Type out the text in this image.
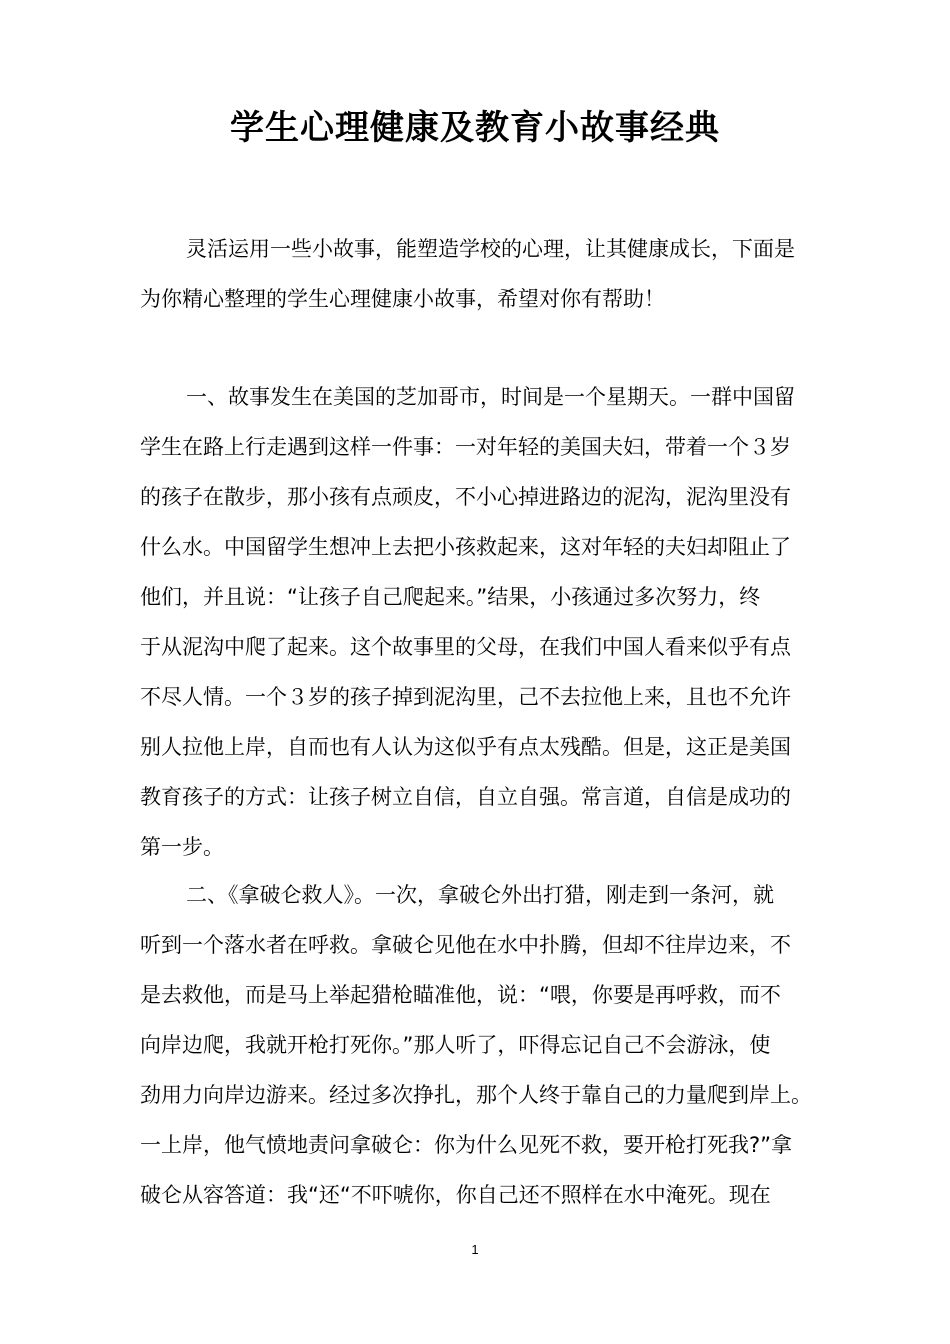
学生心理健康及教育小故事经典
灵活运用一些小故事，能塑造学校的心理，让其健康成长，下面是
为你精心整理的学生心理健康小故事，希望对你有帮助！
一、故事发生在美国的芝加哥市，时间是一个星期天。一群中国留
学生在路上行走遇到这样一件事：一对年轻的美国夫妇，带着一个３岁
的孩子在散步，那小孩有点顽皮，不小心掉进路边的泥沟，泥沟里没有
什么水。中国留学生想冲上去把小孩救起来，这对年轻的夫妇却阻止了
他们，并且说：“让孩子自己爬起来。”结果，小孩通过多次努力，终
于从泥沟中爬了起来。这个故事里的父母，在我们中国人看来似乎有点
不尽人情。一个３岁的孩子掉到泥沟里，己不去拉他上来，且也不允许
别人拉他上岸，自而也有人认为这似乎有点太残酷。但是，这正是美国
教育孩子的方式：让孩子树立自信，自立自强。常言道，自信是成功的
第一步。
二、《拿破仑救人》。一次，拿破仑外出打猎，刚走到一条河，就
听到一个落水者在呼救。拿破仑见他在水中扑腾，但却不往岸边来，不
是去救他，而是马上举起猎枪瞄准他，说：“喂，你要是再呼救，而不
向岸边爬，我就开枪打死你。”那人听了，吓得忘记自己不会游泳，使
劲用力向岸边游来。经过多次挣扎，那个人终于靠自己的力量爬到岸上。
一上岸，他气愤地责问拿破仑：你为什么见死不救，要开枪打死我?”拿
破仑从容答道：我“还“不吓唬你，你自己还不照样在水中淹死。现在
1
